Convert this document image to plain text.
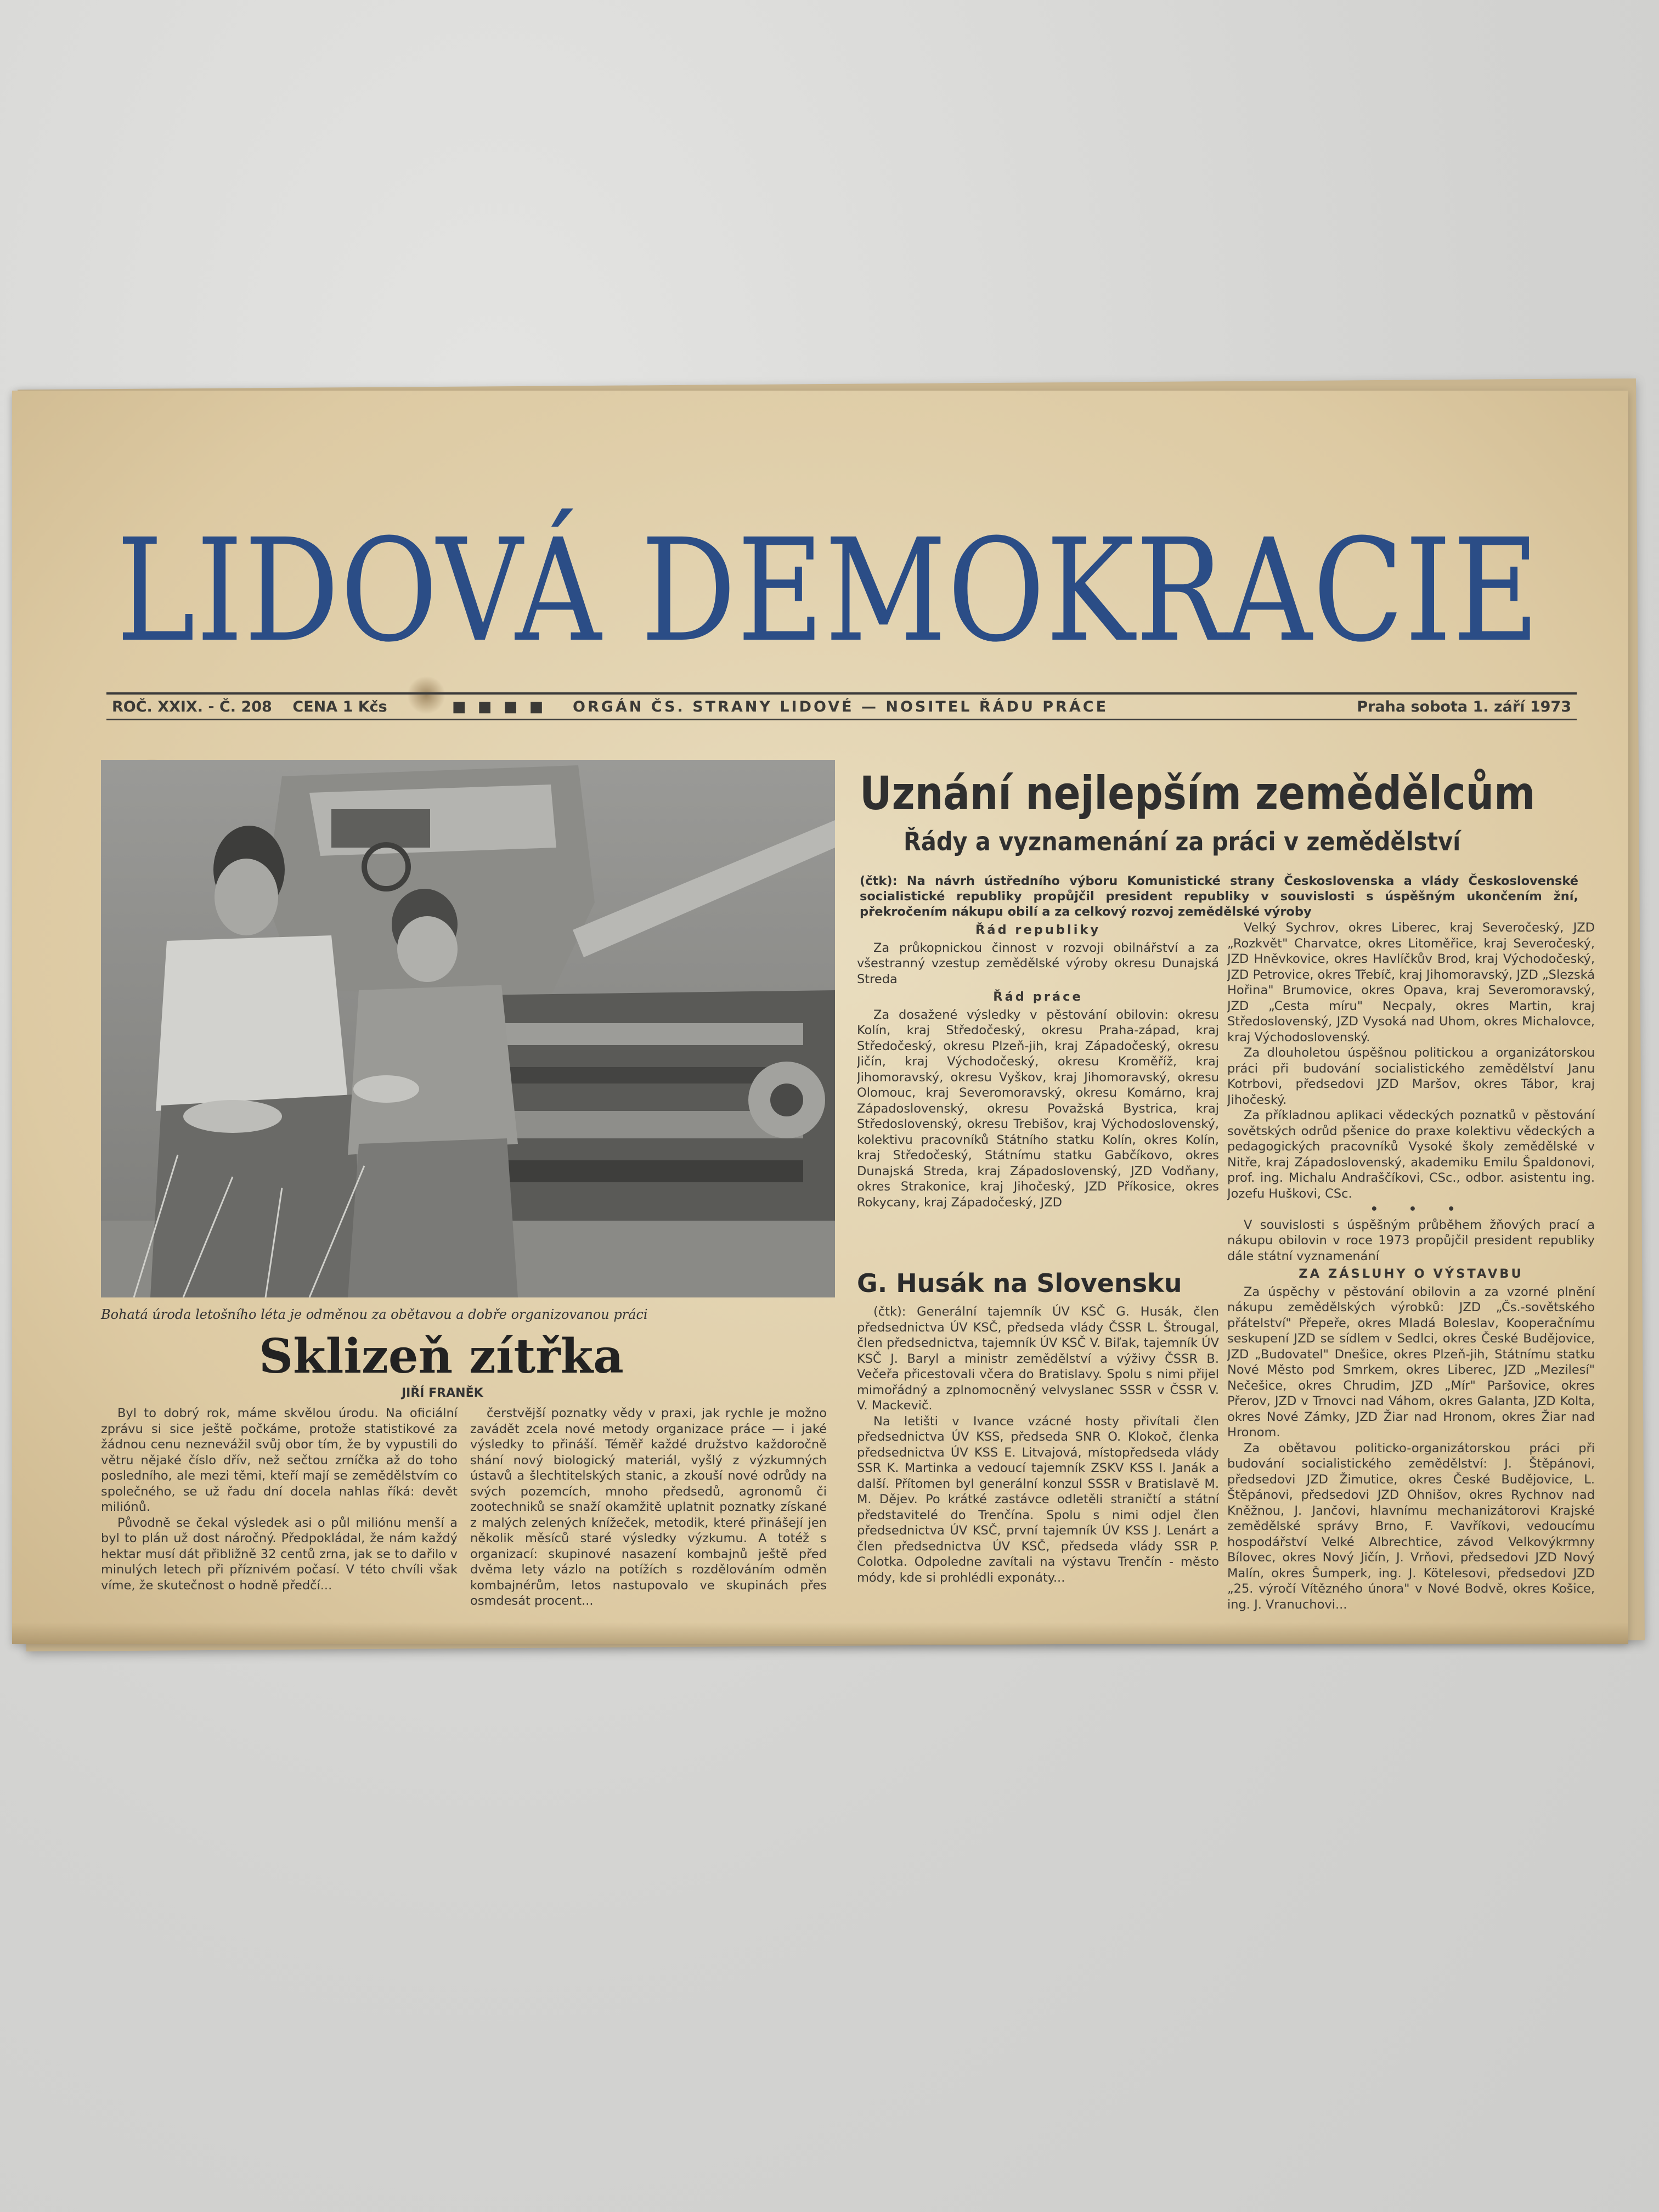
LIDOVÁ DEMOKRACIE
ROČ. XXIX. - Č. 208 CENA 1 Kčs	■ ■ ■ ■ ORGÁN ČS. STRANY LIDOVÉ — NOSITEL ŘÁDU PRÁCE	Praha sobota 1. září 1973
Bohatá úroda letošního léta je odměnou za obětavou a dobře organizovanou práci
Sklizeň zítřka
JIŘÍ FRANĚK

Byl to dobrý rok, máme skvělou úrodu. Na oficiální zprávu si sice ještě počkáme, protože statistikové za žádnou cenu neznevážil svůj obor tím, že by vypustili do větru nějaké číslo dřív, než sečtou zrníčka až do toho posledního, ale mezi těmi, kteří mají se zemědělstvím co společného, se už řadu dní docela nahlas říká: devět miliónů.

Původně se čekal výsledek asi o půl miliónu menší a byl to plán už dost náročný. Předpokládal, že nám každý hektar musí dát přibližně 32 centů zrna, jak se to dařilo v minulých letech při příznivém počasí. V této chvíli však víme, že skutečnost o hodně předčí...

čerstvější poznatky vědy v praxi, jak rychle je možno zavádět zcela nové metody organizace práce — i jaké výsledky to přináší. Téměř každé družstvo každoročně shání nový biologický materiál, vyšlý z výzkumných ústavů a šlechtitelských stanic, a zkouší nové odrůdy na svých pozemcích, mnoho předsedů, agronomů či zootechniků se snaží okamžitě uplatnit poznatky získané z malých zelených knížeček, metodik, které přinášejí jen několik měsíců staré výsledky výzkumu. A totéž s organizací: skupinové nasazení kombajnů ještě před dvěma lety vázlo na potížích s rozdělováním odměn kombajnérům, letos nastupovalo ve skupinách přes osmdesát procent...

Uznání nejlepším zemědělcům
Řády a vyznamenání za práci v zemědělství
(čtk): Na návrh ústředního výboru Komunistické strany Československa a vlády Československé socialistické republiky propůjčil president republiky v souvislosti s úspěšným ukončením žní, překročením nákupu obilí a za celkový rozvoj zemědělské výroby

Řád republiky

Za průkopnickou činnost v rozvoji obilnářství a za všestranný vzestup zemědělské výroby okresu Dunajská Streda

Řád práce

Za dosažené výsledky v pěstování obilovin: okresu Kolín, kraj Středočeský, okresu Praha-západ, kraj Středočeský, okresu Plzeň-jih, kraj Západočeský, okresu Jičín, kraj Východočeský, okresu Kroměříž, kraj Jihomoravský, okresu Vyškov, kraj Jihomoravský, okresu Olomouc, kraj Severomoravský, okresu Komárno, kraj Západoslovenský, okresu Považská Bystrica, kraj Středoslovenský, okresu Trebišov, kraj Východoslovenský, kolektivu pracovníků Státního statku Kolín, okres Kolín, kraj Středočeský, Státnímu statku Gabčíkovo, okres Dunajská Streda, kraj Západoslovenský, JZD Vodňany, okres Strakonice, kraj Jihočeský, JZD Příkosice, okres Rokycany, kraj Západočeský, JZD

G. Husák na Slovensku

(čtk): Generální tajemník ÚV KSČ G. Husák, člen předsednictva ÚV KSČ, předseda vlády ČSSR L. Štrougal, člen předsednictva, tajemník ÚV KSČ V. Biľak, tajemník ÚV KSČ J. Baryl a ministr zemědělství a výživy ČSSR B. Večeřa přicestovali včera do Bratislavy. Spolu s nimi přijel mimořádný a zplnomocněný velvyslanec SSSR v ČSSR V. V. Mackevič.

Na letišti v Ivance vzácné hosty přivítali člen předsednictva ÚV KSS, předseda SNR O. Klokoč, členka předsednictva ÚV KSS E. Litvajová, místopředseda vlády SSR K. Martinka a vedoucí tajemník ZSKV KSS I. Janák a další. Přítomen byl generální konzul SSSR v Bratislavě M. M. Dějev. Po krátké zastávce odletěli straničtí a státní představitelé do Trenčína. Spolu s nimi odjel člen předsednictva ÚV KSČ, první tajemník ÚV KSS J. Lenárt a člen předsednictva ÚV KSČ, předseda vlády SSR P. Colotka. Odpoledne zavítali na výstavu Trenčín - město módy, kde si prohlédli exponáty...

Velký Sychrov, okres Liberec, kraj Severočeský, JZD „Rozkvět" Charvatce, okres Litoměřice, kraj Severočeský, JZD Hněvkovice, okres Havlíčkův Brod, kraj Východočeský, JZD Petrovice, okres Třebíč, kraj Jihomoravský, JZD „Slezská Hořina" Brumovice, okres Opava, kraj Severomoravský, JZD „Cesta míru" Necpaly, okres Martin, kraj Středoslovenský, JZD Vysoká nad Uhom, okres Michalovce, kraj Východoslovenský.

Za dlouholetou úspěšnou politickou a organizátorskou práci při budování socialistického zemědělství Janu Kotrbovi, předsedovi JZD Maršov, okres Tábor, kraj Jihočeský.

Za příkladnou aplikaci vědeckých poznatků v pěstování sovětských odrůd pšenice do praxe kolektivu vědeckých a pedagogických pracovníků Vysoké školy zemědělské v Nitře, kraj Západoslovenský, akademiku Emilu Špaldonovi, prof. ing. Michalu Andraščíkovi, CSc., odbor. asistentu ing. Jozefu Huškovi, CSc.

• • •

V souvislosti s úspěšným průběhem žňových prací a nákupu obilovin v roce 1973 propůjčil president republiky dále státní vyznamenání

ZA ZÁSLUHY O VÝSTAVBU

Za úspěchy v pěstování obilovin a za vzorné plnění nákupu zemědělských výrobků: JZD „Čs.-sovětského přátelství" Přepeře, okres Mladá Boleslav, Kooperačnímu seskupení JZD se sídlem v Sedlci, okres České Budějovice, JZD „Budovatel" Dnešice, okres Plzeň-jih, Státnímu statku Nové Město pod Smrkem, okres Liberec, JZD „Mezilesí" Nečešice, okres Chrudim, JZD „Mír" Paršovice, okres Přerov, JZD v Trnovci nad Váhom, okres Galanta, JZD Kolta, okres Nové Zámky, JZD Žiar nad Hronom, okres Žiar nad Hronom.

Za obětavou politicko-organizátorskou práci při budování socialistického zemědělství: J. Štěpánovi, předsedovi JZD Žimutice, okres České Budějovice, L. Štěpánovi, předsedovi JZD Ohnišov, okres Rychnov nad Kněžnou, J. Jančovi, hlavnímu mechanizátorovi Krajské zemědělské správy Brno, F. Vavříkovi, vedoucímu hospodářství Velké Albrechtice, závod Velkovýkrmny Bílovec, okres Nový Jičín, J. Vrňovi, předsedovi JZD Nový Malín, okres Šumperk, ing. J. Kötelesovi, předsedovi JZD „25. výročí Vítězného února" v Nové Bodvě, okres Košice, ing. J. Vranuchovi...
